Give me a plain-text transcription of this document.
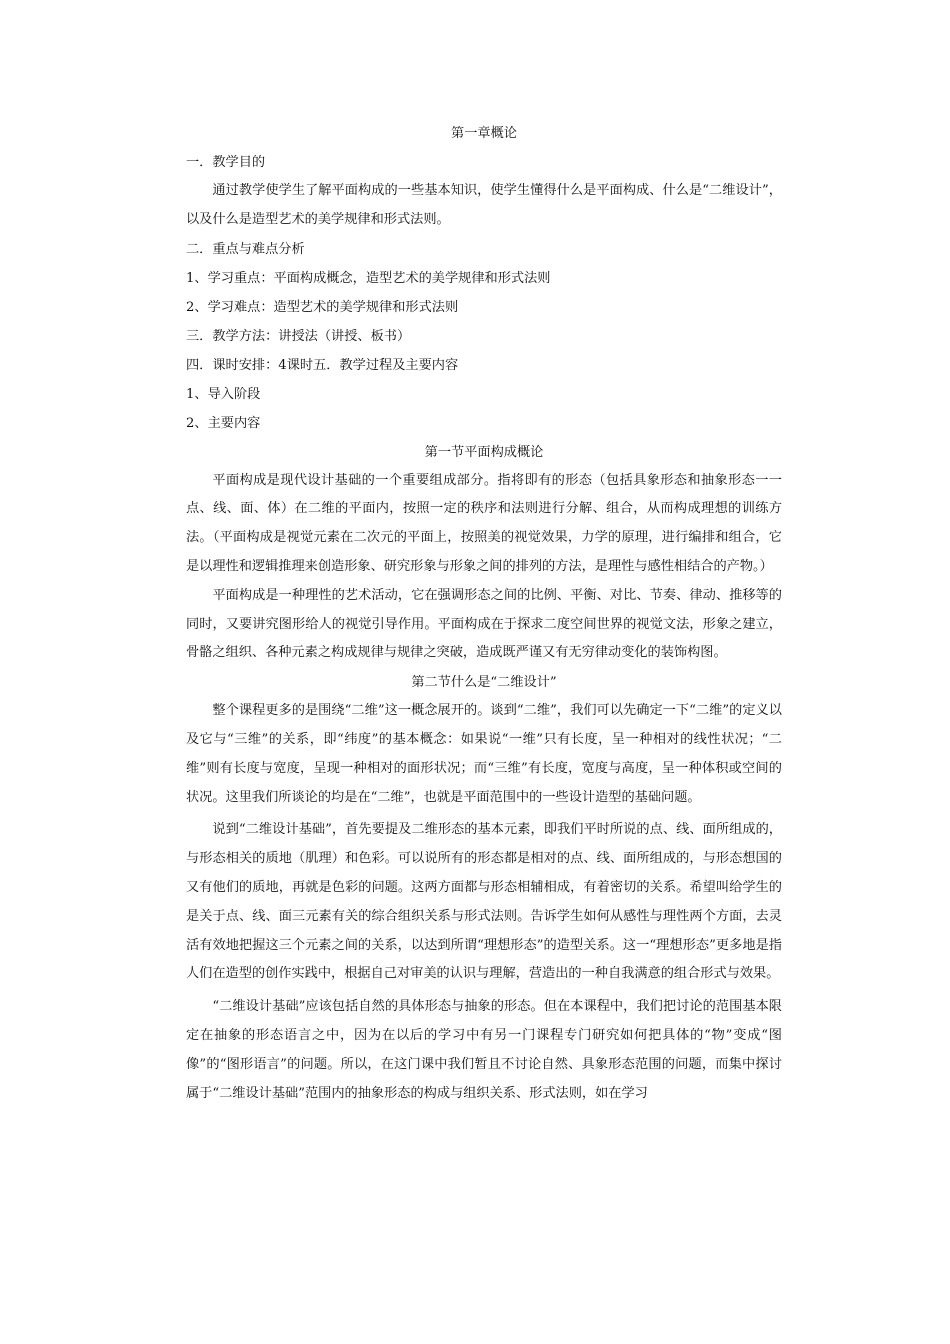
第一章概论

一．教学目的

通过教学使学生了解平面构成的一些基本知识，使学生懂得什么是平面构成、什么是“二维设计”，以及什么是造型艺术的美学规律和形式法则。

二．重点与难点分析

1、学习重点：平面构成概念，造型艺术的美学规律和形式法则

2、学习难点：造型艺术的美学规律和形式法则

三．教学方法：讲授法（讲授、板书）

四．课时安排：4课时五．教学过程及主要内容

1、导入阶段

2、主要内容

第一节平面构成概论

平面构成是现代设计基础的一个重要组成部分。指将即有的形态（包括具象形态和抽象形态一一点、线、面、体）在二维的平面内，按照一定的秩序和法则进行分解、组合，从而构成理想的训练方法。（平面构成是视觉元素在二次元的平面上，按照美的视觉效果，力学的原理，进行编排和组合，它是以理性和逻辑推理来创造形象、研究形象与形象之间的排列的方法，是理性与感性相结合的产物。）

平面构成是一种理性的艺术活动，它在强调形态之间的比例、平衡、对比、节奏、律动、推移等的同时，又要讲究图形给人的视觉引导作用。平面构成在于探求二度空间世界的视觉文法，形象之建立，骨骼之组织、各种元素之构成规律与规律之突破，造成既严谨又有无穷律动变化的装饰构图。

第二节什么是“二维设计”

整个课程更多的是围绕“二维”这一概念展开的。谈到“二维”，我们可以先确定一下“二维”的定义以及它与“三维”的关系，即“纬度”的基本概念：如果说“一维”只有长度，呈一种相对的线性状况；“二维”则有长度与宽度，呈现一种相对的面形状况；而“三维”有长度，宽度与高度，呈一种体积或空间的状况。这里我们所谈论的均是在“二维”，也就是平面范围中的一些设计造型的基础问题。

说到“二维设计基础”，首先要提及二维形态的基本元素，即我们平时所说的点、线、面所组成的，与形态相关的质地（肌理）和色彩。可以说所有的形态都是相对的点、线、面所组成的，与形态想国的又有他们的质地，再就是色彩的问题。这两方面都与形态相辅相成，有着密切的关系。希望叫给学生的是关于点、线、面三元素有关的综合组织关系与形式法则。告诉学生如何从感性与理性两个方面，去灵活有效地把握这三个元素之间的关系，以达到所谓“理想形态”的造型关系。这一“理想形态”更多地是指人们在造型的创作实践中，根据自己对审美的认识与理解，营造出的一种自我满意的组合形式与效果。

“二维设计基础”应该包括自然的具体形态与抽象的形态。但在本课程中，我们把讨论的范围基本限定在抽象的形态语言之中，因为在以后的学习中有另一门课程专门研究如何把具体的“物”变成“图像”的“图形语言”的问题。所以，在这门课中我们暂且不讨论自然、具象形态范围的问题，而集中探讨属于“二维设计基础”范围内的抽象形态的构成与组织关系、形式法则，如在学习
